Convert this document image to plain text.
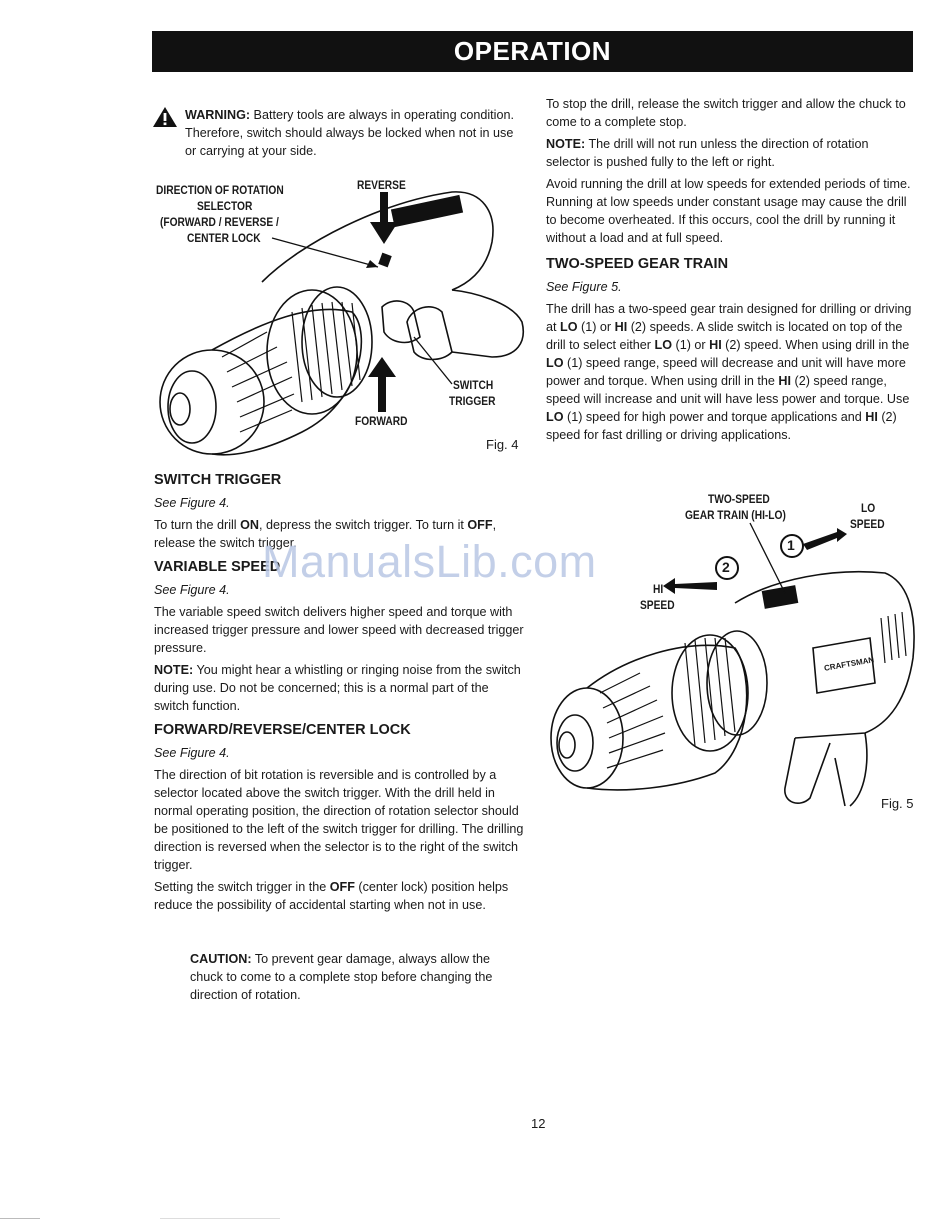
OPERATION
WARNING: Battery tools are always in operating condition. Therefore, switch should always be locked when not in use or carrying at your side.
DIRECTION OF ROTATION
SELECTOR
(FORWARD / REVERSE /
CENTER LOCK
REVERSE
FORWARD
SWITCH
TRIGGER
Fig. 4

SWITCH TRIGGER

See Figure 4.

To turn the drill ON, depress the switch trigger. To turn it OFF, release the switch trigger.

VARIABLE SPEED

See Figure 4.

The variable speed switch delivers higher speed and torque with increased trigger pressure and lower speed with decreased trigger pressure.

NOTE: You might hear a whistling or ringing noise from the switch during use. Do not be concerned; this is a normal part of the switch function.

FORWARD/REVERSE/CENTER LOCK

See Figure 4.

The direction of bit rotation is reversible and is controlled by a selector located above the switch trigger. With the drill held in normal operating position, the direction of rotation selector should be positioned to the left of the switch trigger for drilling. The drilling direction is reversed when the selector is to the right of the switch trigger.

Setting the switch trigger in the OFF (center lock) position helps reduce the possibility of accidental starting when not in use.

CAUTION: To prevent gear damage, always allow the chuck to come to a complete stop before changing the direction of rotation.

To stop the drill, release the switch trigger and allow the chuck to come to a complete stop.

NOTE: The drill will not run unless the direction of rotation selector is pushed fully to the left or right.

Avoid running the drill at low speeds for extended periods of time. Running at low speeds under constant usage may cause the drill to become overheated. If this occurs, cool the drill by running it without a load and at full speed.

TWO-SPEED GEAR TRAIN

See Figure 5.

The drill has a two-speed gear train designed for drilling or driving at LO (1) or HI (2) speeds. A slide switch is located on top of the drill to select either LO (1) or HI (2) speed. When using drill in the LO (1) speed range, speed will decrease and unit will have more power and torque. When using drill in the HI (2) speed range, speed will increase and unit will have less power and torque. Use LO (1) speed for high power and torque applications and HI (2) speed for fast drilling or driving applications.

1
2
CRAFTSMAN
TWO-SPEED
GEAR TRAIN (HI-LO)	LO
SPEED
HI
SPEED
Fig. 5
ManualsLib.com
12
